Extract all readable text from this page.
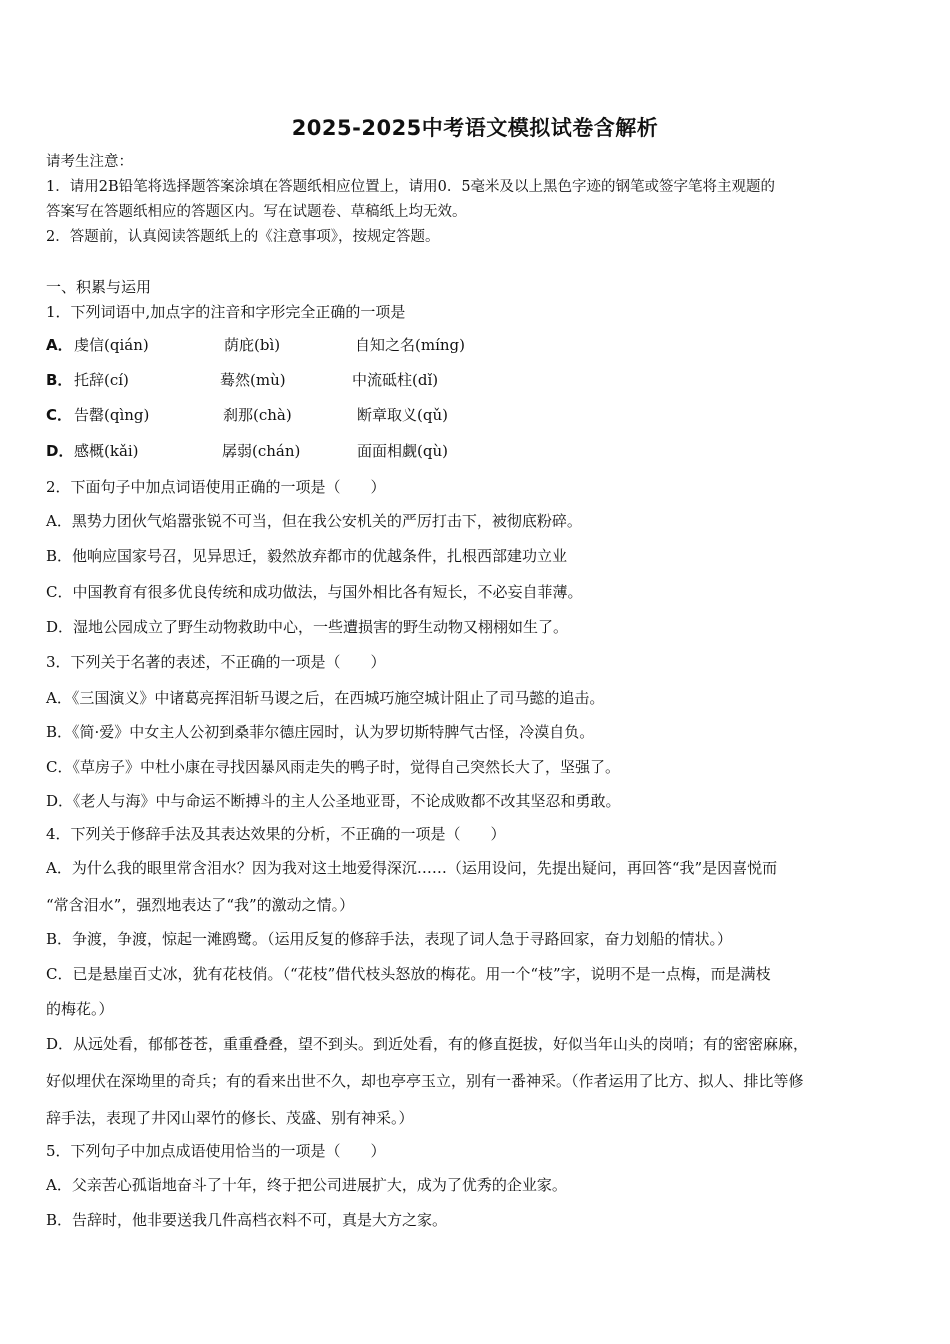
2025-2025中考语文模拟试卷含解析
请考生注意：
1．请用2B铅笔将选择题答案涂填在答题纸相应位置上，请用0．5毫米及以上黑色字迹的钢笔或签字笔将主观题的
答案写在答题纸相应的答题区内。写在试题卷、草稿纸上均无效。
2．答题前，认真阅读答题纸上的《注意事项》，按规定答题。
一、积累与运用
1．下列词语中,加点字的注音和字形完全正确的一项是
A． 虔信(qián)	荫庇(bì)	自知之名(míng)
B． 托辞(cí)	蓦然(mù)	中流砥柱(dǐ)
C． 告罄(qìng)	刹那(chà)	断章取义(qǔ)
D． 感概(kǎi)	孱弱(chán)	面面相觑(qù)
2．下面句子中加点词语使用正确的一项是（　　）
A．黑势力团伙气焰嚣张锐不可当，但在我公安机关的严厉打击下，被彻底粉碎。
B．他响应国家号召，见异思迁，毅然放弃都市的优越条件，扎根西部建功立业
C．中国教育有很多优良传统和成功做法，与国外相比各有短长，不必妄自菲薄。
D．湿地公园成立了野生动物救助中心，一些遭损害的野生动物又栩栩如生了。
3．下列关于名著的表述，不正确的一项是（　　）
A．《三国演义》中诸葛亮挥泪斩马谡之后，在西城巧施空城计阻止了司马懿的追击。
B．《简·爱》中女主人公初到桑菲尔德庄园时，认为罗切斯特脾气古怪，冷漠自负。
C．《草房子》中杜小康在寻找因暴风雨走失的鸭子时，觉得自己突然长大了，坚强了。
D．《老人与海》中与命运不断搏斗的主人公圣地亚哥，不论成败都不改其坚忍和勇敢。
4．下列关于修辞手法及其表达效果的分析，不正确的一项是（　　）
A．为什么我的眼里常含泪水？因为我对这土地爱得深沉……（运用设问，先提出疑问，再回答“我”是因喜悦而
“常含泪水”，强烈地表达了“我”的激动之情。）
B．争渡，争渡，惊起一滩鸥鹭。（运用反复的修辞手法，表现了词人急于寻路回家，奋力划船的情状。）
C．已是悬崖百丈冰，犹有花枝俏。（“花枝”借代枝头怒放的梅花。用一个“枝”字，说明不是一点梅，而是满枝
的梅花。）
D．从远处看，郁郁苍苍，重重叠叠，望不到头。到近处看，有的修直挺拔，好似当年山头的岗哨；有的密密麻麻，
好似埋伏在深坳里的奇兵；有的看来出世不久，却也亭亭玉立，别有一番神采。（作者运用了比方、拟人、排比等修
辞手法，表现了井冈山翠竹的修长、茂盛、别有神采。）
5．下列句子中加点成语使用恰当的一项是（　　）
A．父亲苦心孤诣地奋斗了十年，终于把公司进展扩大，成为了优秀的企业家。
B．告辞时，他非要送我几件高档衣料不可，真是大方之家。
